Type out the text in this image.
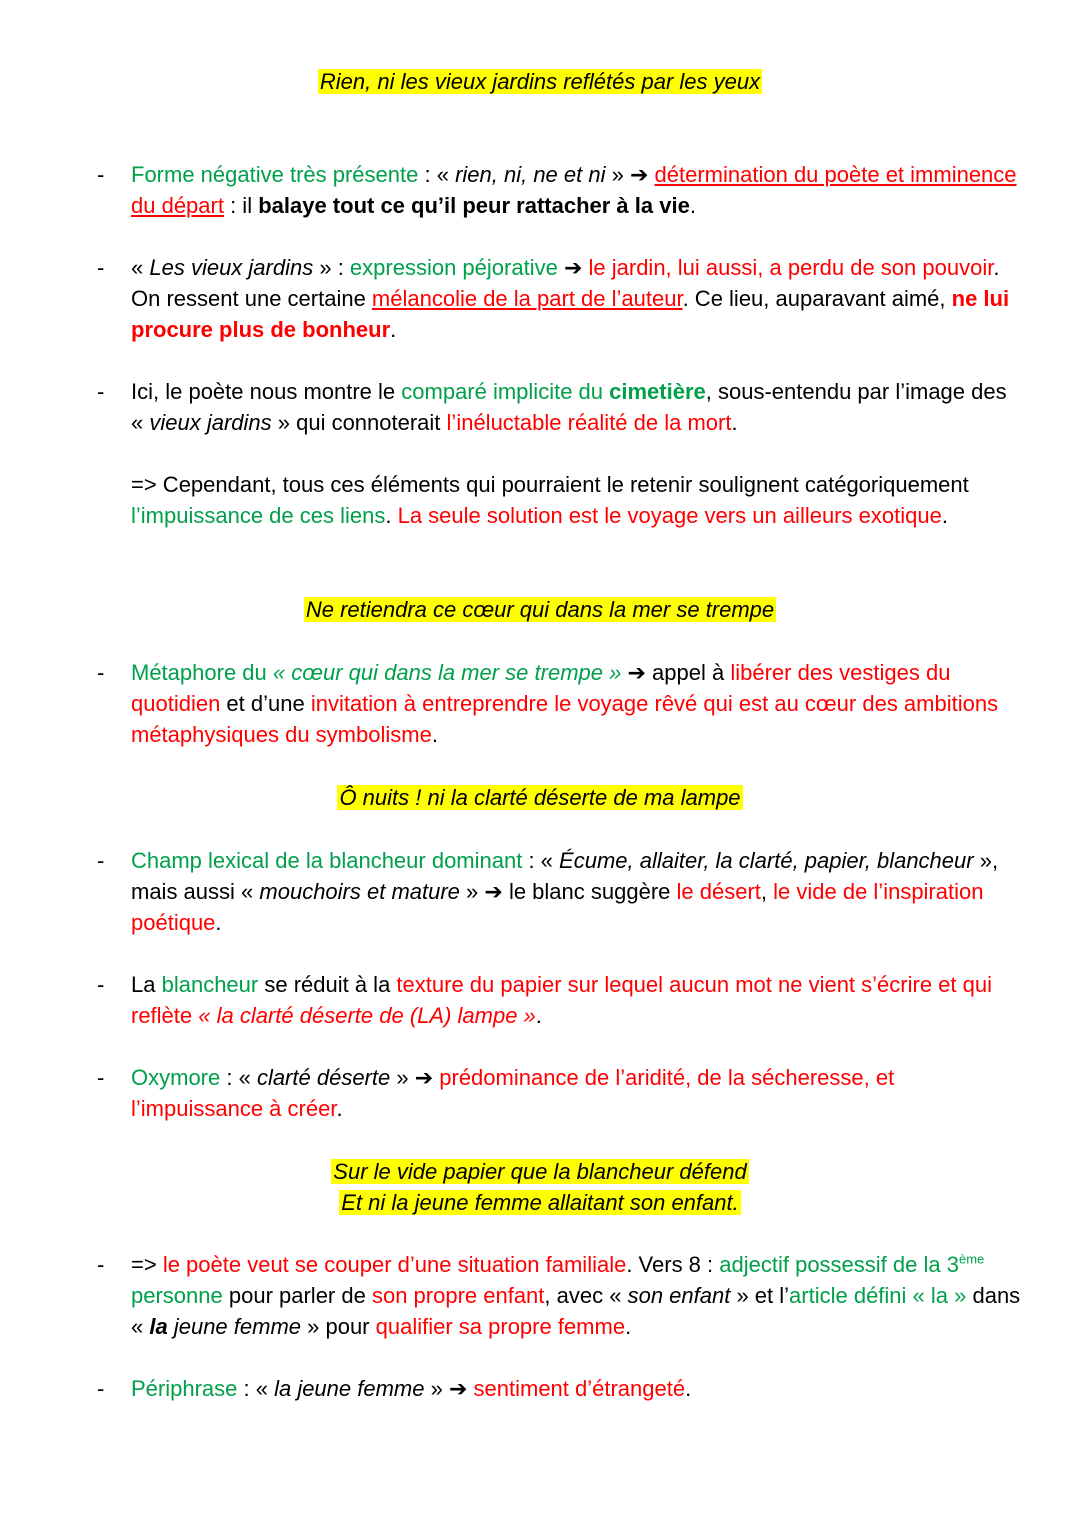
Rien, ni les vieux jardins reflétés par les yeux
- Forme négative très présente : « rien, ni, ne et ni » ➔ détermination du poète et imminence du départ : il balaye tout ce qu’il peur rattacher à la vie.
- « Les vieux jardins » : expression péjorative ➔ le jardin, lui aussi, a perdu de son pouvoir. On ressent une certaine mélancolie de la part de l’auteur. Ce lieu, auparavant aimé, ne lui procure plus de bonheur.
- Ici, le poète nous montre le comparé implicite du cimetière, sous-entendu par l’image des « vieux jardins » qui connoterait l’inéluctable réalité de la mort.
=> Cependant, tous ces éléments qui pourraient le retenir soulignent catégoriquement l’impuissance de ces liens. La seule solution est le voyage vers un ailleurs exotique.
Ne retiendra ce cœur qui dans la mer se trempe
- Métaphore du « cœur qui dans la mer se trempe » ➔ appel à libérer des vestiges du quotidien et d’une invitation à entreprendre le voyage rêvé qui est au cœur des ambitions métaphysiques du symbolisme.
Ô nuits ! ni la clarté déserte de ma lampe
- Champ lexical de la blancheur dominant : « Écume, allaiter, la clarté, papier, blancheur », mais aussi « mouchoirs et mature » ➔ le blanc suggère le désert, le vide de l’inspiration poétique.
- La blancheur se réduit à la texture du papier sur lequel aucun mot ne vient s’écrire et qui reflète « la clarté déserte de (LA) lampe ».
- Oxymore : « clarté déserte » ➔ prédominance de l’aridité, de la sécheresse, et l’impuissance à créer.
Sur le vide papier que la blancheur défend
Et ni la jeune femme allaitant son enfant.
- => le poète veut se couper d’une situation familiale. Vers 8 : adjectif possessif de la 3ème personne pour parler de son propre enfant, avec « son enfant » et l’article défini « la » dans « la jeune femme » pour qualifier sa propre femme.
- Périphrase : « la jeune femme » ➔ sentiment d’étrangeté.
